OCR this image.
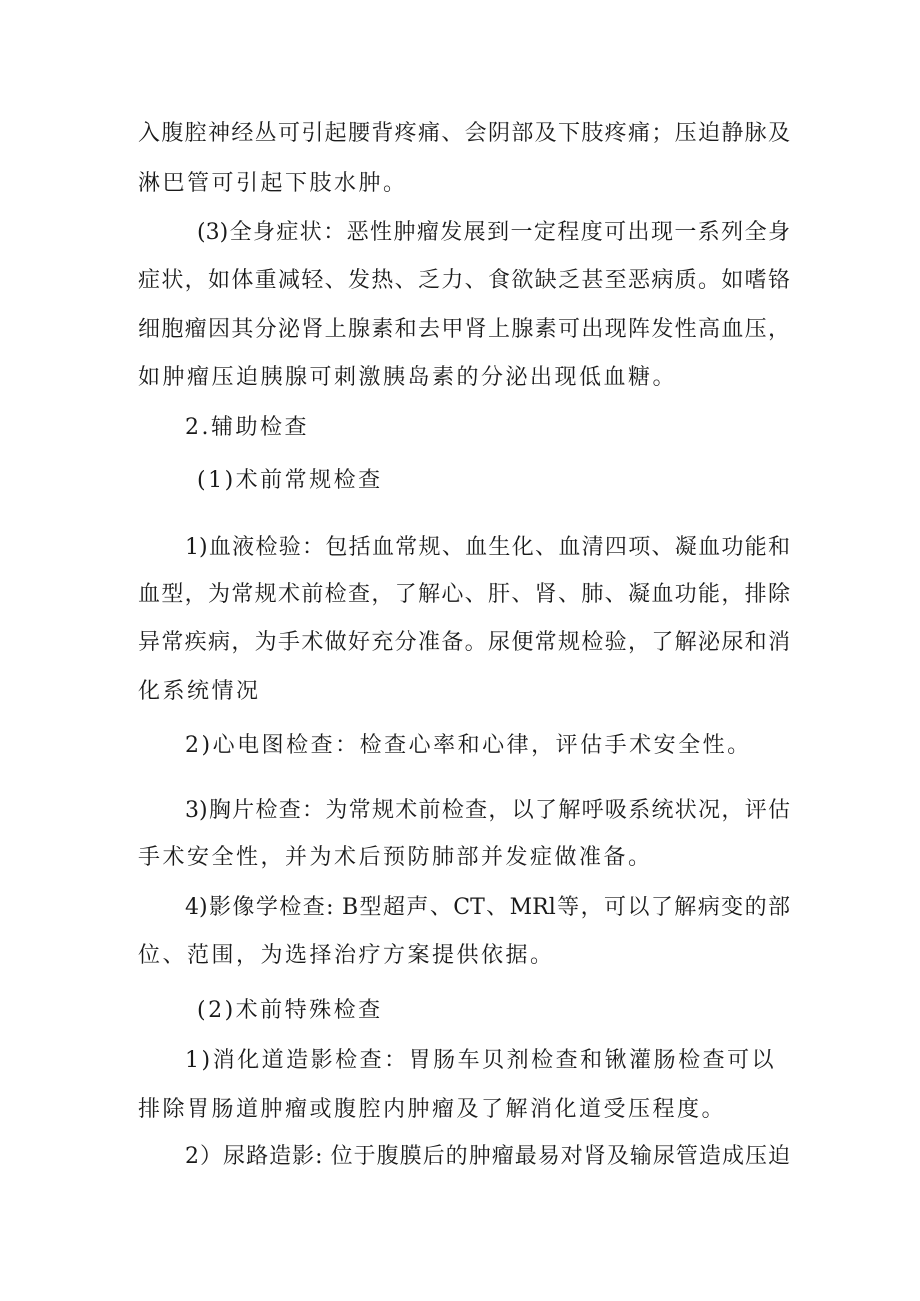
入腹腔神经丛可引起腰背疼痛、会阴部及下肢疼痛；压迫静脉及
淋巴管可引起下肢水肿。
(3)全身症状：恶性肿瘤发展到一定程度可出现一系列全身
症状，如体重减轻、发热、乏力、食欲缺乏甚至恶病质。如嗜铬
细胞瘤因其分泌肾上腺素和去甲肾上腺素可出现阵发性高血压，
如肿瘤压迫胰腺可刺激胰岛素的分泌出现低血糖。
2.辅助检查
(1)术前常规检查
1)血液检验：包括血常规、血生化、血清四项、凝血功能和
血型，为常规术前检查，了解心、肝、肾、肺、凝血功能，排除
异常疾病，为手术做好充分准备。尿便常规检验，了解泌尿和消
化系统情况
2)心电图检查：检查心率和心律，评估手术安全性。
3)胸片检查：为常规术前检查，以了解呼吸系统状况，评估
手术安全性，并为术后预防肺部并发症做准备。
4)影像学检查: B型超声、CT、MRl等，可以了解病变的部
位、范围，为选择治疗方案提供依据。
(2)术前特殊检查
1)消化道造影检查：胃肠车贝剂检查和锹灌肠检查可以
排除胃肠道肿瘤或腹腔内肿瘤及了解消化道受压程度。
2）尿路造影: 位于腹膜后的肿瘤最易对肾及输尿管造成压迫
